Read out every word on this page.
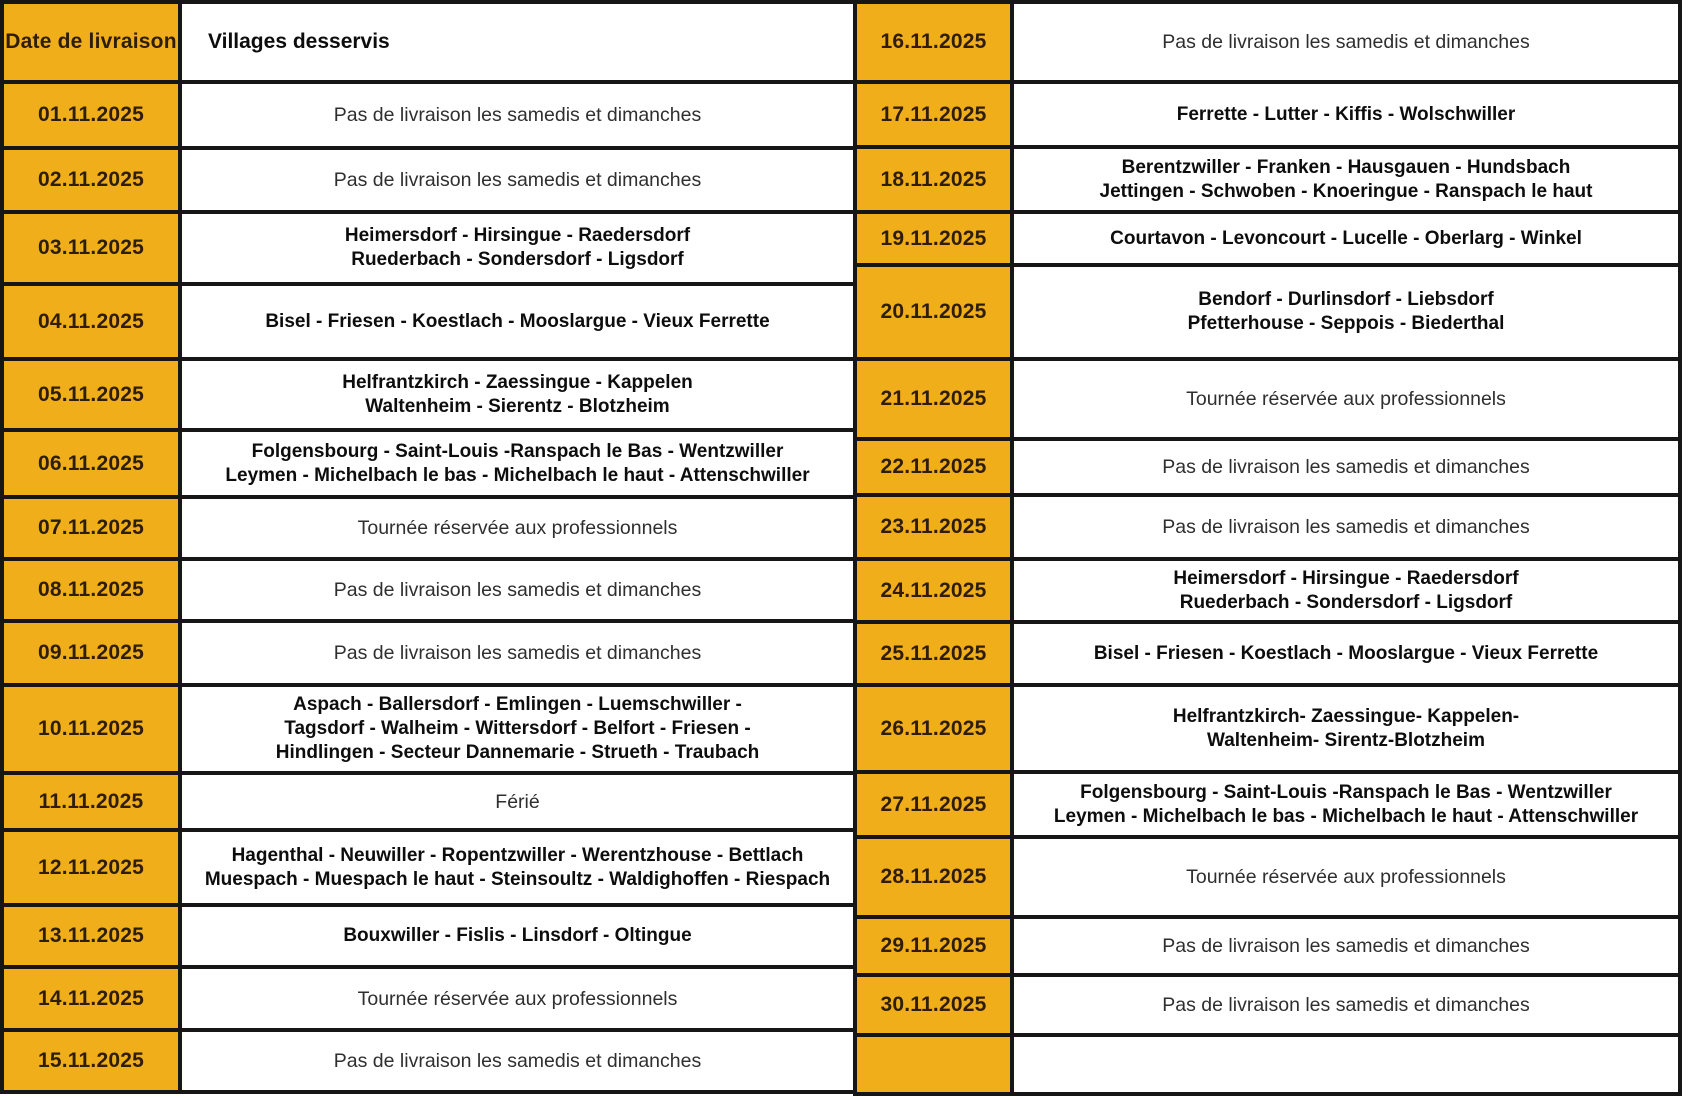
Date de livraison	Villages desservis
01.11.2025	Pas de livraison les samedis et dimanches
02.11.2025	Pas de livraison les samedis et dimanches
03.11.2025
Heimersdorf - Hirsingue - Raedersdorf
Ruederbach - Sondersdorf - Ligsdorf
04.11.2025	Bisel - Friesen - Koestlach - Mooslargue - Vieux Ferrette
05.11.2025
Helfrantzkirch - Zaessingue - Kappelen
Waltenheim - Sierentz - Blotzheim
06.11.2025
Folgensbourg - Saint-Louis -Ranspach le Bas - Wentzwiller
Leymen - Michelbach le bas - Michelbach le haut - Attenschwiller
07.11.2025	Tournée réservée aux professionnels
08.11.2025	Pas de livraison les samedis et dimanches
09.11.2025	Pas de livraison les samedis et dimanches
10.11.2025
Aspach - Ballersdorf - Emlingen - Luemschwiller -
Tagsdorf - Walheim - Wittersdorf - Belfort - Friesen -
Hindlingen - Secteur Dannemarie - Strueth - Traubach
11.11.2025	Férié
12.11.2025
Hagenthal - Neuwiller - Ropentzwiller - Werentzhouse - Bettlach
Muespach - Muespach le haut - Steinsoultz - Waldighoffen - Riespach
13.11.2025	Bouxwiller - Fislis - Linsdorf - Oltingue
14.11.2025	Tournée réservée aux professionnels
15.11.2025	Pas de livraison les samedis et dimanches
16.11.2025	Pas de livraison les samedis et dimanches
17.11.2025	Ferrette - Lutter - Kiffis - Wolschwiller
18.11.2025
Berentzwiller - Franken - Hausgauen - Hundsbach
Jettingen - Schwoben - Knoeringue - Ranspach le haut
19.11.2025	Courtavon - Levoncourt - Lucelle - Oberlarg - Winkel
20.11.2025
Bendorf - Durlinsdorf - Liebsdorf
Pfetterhouse - Seppois - Biederthal
21.11.2025	Tournée réservée aux professionnels
22.11.2025	Pas de livraison les samedis et dimanches
23.11.2025	Pas de livraison les samedis et dimanches
24.11.2025
Heimersdorf - Hirsingue - Raedersdorf
Ruederbach - Sondersdorf - Ligsdorf
25.11.2025	Bisel - Friesen - Koestlach - Mooslargue - Vieux Ferrette
26.11.2025
Helfrantzkirch- Zaessingue- Kappelen-
Waltenheim- Sirentz-Blotzheim
27.11.2025
Folgensbourg - Saint-Louis -Ranspach le Bas - Wentzwiller
Leymen - Michelbach le bas - Michelbach le haut - Attenschwiller
28.11.2025	Tournée réservée aux professionnels
29.11.2025	Pas de livraison les samedis et dimanches
30.11.2025	Pas de livraison les samedis et dimanches
